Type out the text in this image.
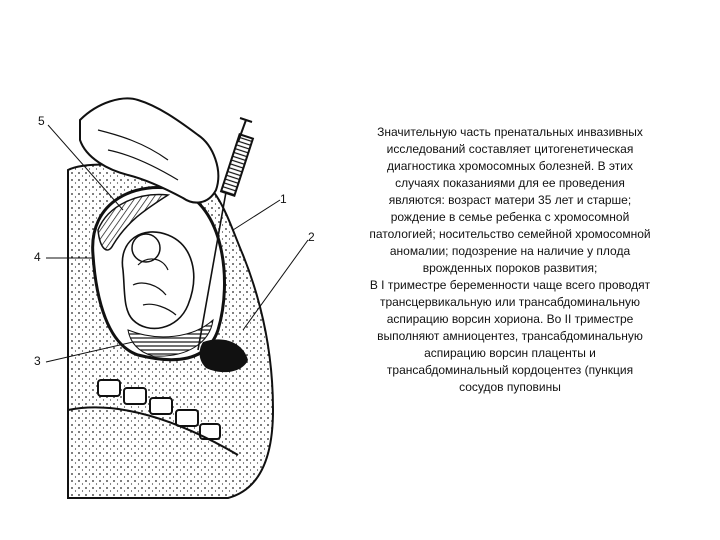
5
1
2
4
3

Значительную часть пренатальных инвазивных
исследований составляет цитогенетическая
диагностика хромосомных болезней. В этих
случаях показаниями для ее проведения
являются: возраст матери 35 лет и старше;
рождение в семье ребенка с хромосомной
патологией; носительство семейной хромосомной
аномалии; подозрение на наличие у плода
врожденных пороков развития;

В I триместре беременности чаще всего проводят
трансцервикальную или трансабдоминальную
аспирацию ворсин хориона. Во II триместре
выполняют амниоцентез, трансабдоминальную
аспирацию ворсин плаценты и
трансабдоминальный кордоцентез (пункция
сосудов пуповины
